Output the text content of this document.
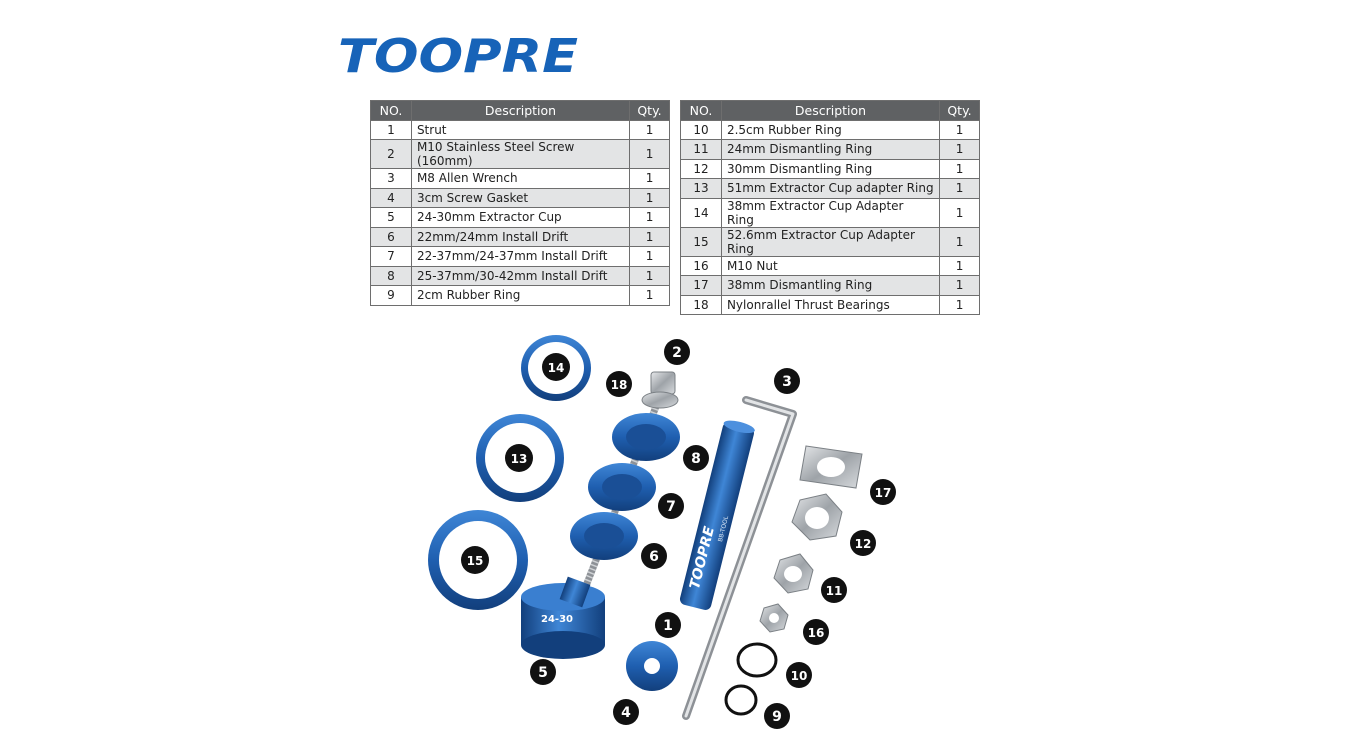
TOOPRE
NO.	Description	Qty.
1	Strut	1
2	M10 Stainless Steel Screw (160mm)	1
3	M8 Allen Wrench	1
4	3cm Screw Gasket	1
5	24-30mm Extractor Cup	1
6	22mm/24mm Install Drift	1
7	22-37mm/24-37mm Install Drift	1
8	25-37mm/30-42mm Install Drift	1
9	2cm Rubber Ring	1
NO.	Description	Qty.
10	2.5cm Rubber Ring	1
11	24mm Dismantling Ring	1
12	30mm Dismantling Ring	1
13	51mm Extractor Cup adapter Ring	1
14	38mm Extractor Cup Adapter Ring	1
15	52.6mm Extractor Cup Adapter Ring	1
16	M10 Nut	1
17	38mm Dismantling Ring	1
18	Nylonrallel Thrust Bearings	1
24-30
TOOPRE BB-TOOL
1
2
3
4
5
6
7
8
9
10
11
12
13
14
15
16
17
18
